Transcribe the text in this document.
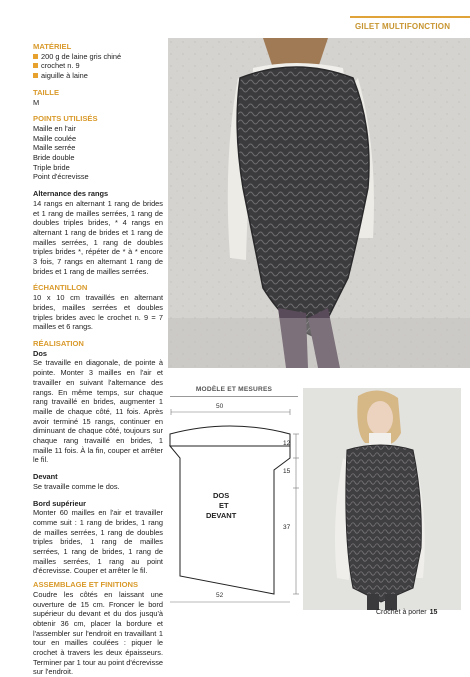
GILET MULTIFONCTION
MATÉRIEL
200 g de laine gris chiné
crochet n. 9
aiguille à laine
TAILLE
M
POINTS UTILISÉS
Maille en l'air
Maille coulée
Maille serrée
Bride double
Triple bride
Point d'écrevisse
Alternance des rangs
14 rangs en alternant 1 rang de brides et 1 rang de mailles serrées, 1 rang de doubles triples brides, * 4 rangs en alternant 1 rang de brides et 1 rang de mailles serrées, 1 rang de doubles triples brides *, répéter de * à * encore 3 fois, 7 rangs en alternant 1 rang de brides et 1 rang de mailles serrées.
ÉCHANTILLON
10 x 10 cm travaillés en alternant brides, mailles serrées et doubles triples brides avec le crochet n. 9 = 7 mailles et 6 rangs.
RÉALISATION
Dos
Se travaille en diagonale, de pointe à pointe. Monter 3 mailles en l'air et travailler en suivant l'alternance des rangs. En même temps, sur chaque rang travaillé en brides, augmenter 1 maille de chaque côté, 11 fois. Après avoir terminé 15 rangs, continuer en diminuant de chaque côté, toujours sur chaque rang travaillé en brides, 1 maille 11 fois. À la fin, couper et arrêter le fil.
Devant
Se travaille comme le dos.
Bord supérieur
Monter 60 mailles en l'air et travailler comme suit : 1 rang de brides, 1 rang de mailles serrées, 1 rang de doubles triples brides, 1 rang de mailles serrées, 1 rang de brides, 1 rang de mailles serrées, 1 rang au point d'écrevisse. Couper et arrêter le fil.
ASSEMBLAGE ET FINITIONS
Coudre les côtés en laissant une ouverture de 15 cm. Froncer le bord supérieur du devant et du dos jusqu'à obtenir 36 cm, placer la bordure et l'assembler sur l'endroit en travaillant 1 tour en mailles coulées : piquer le crochet à travers les deux épaisseurs. Terminer par 1 tour au point d'écrevisse sur l'endroit.
MODÈLE ET MESURES
50
52
DOS
ET
DEVANT
12
15
37
Crochet à porter 15
